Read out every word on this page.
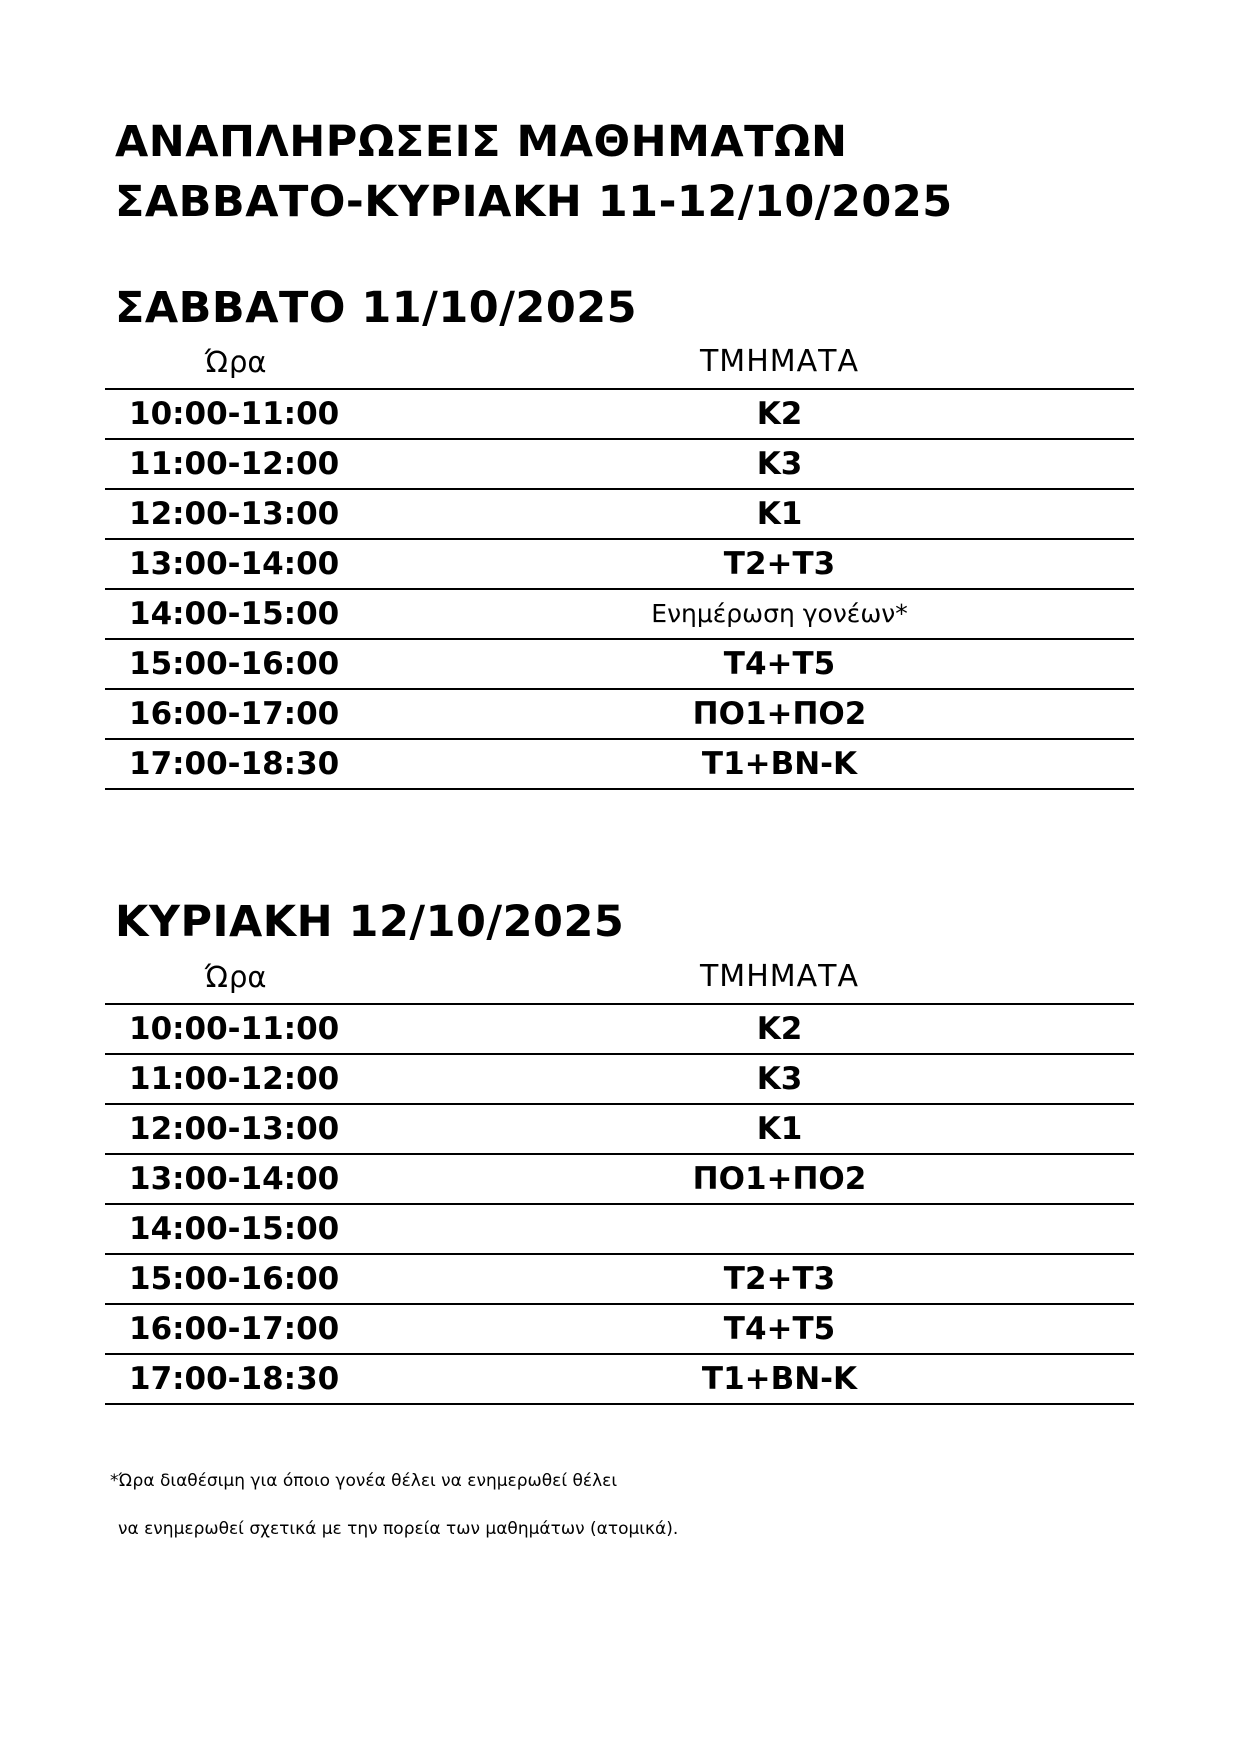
ΑΝΑΠΛΗΡΩΣΕΙΣ ΜΑΘΗΜΑΤΩΝ
ΣΑΒΒΑΤΟ-ΚΥΡΙΑΚΗ 11-12/10/2025
ΣΑΒΒΑΤΟ 11/10/2025
Ώρα	ΤΜΗΜΑΤΑ
10:00-11:00	Κ2
11:00-12:00	Κ3
12:00-13:00	Κ1
13:00-14:00	Τ2+Τ3
14:00-15:00	Ενημέρωση γονέων*
15:00-16:00	Τ4+Τ5
16:00-17:00	ΠΟ1+ΠΟ2
17:00-18:30	Τ1+ΒΝ-Κ
ΚΥΡΙΑΚΗ 12/10/2025
Ώρα	ΤΜΗΜΑΤΑ
10:00-11:00	Κ2
11:00-12:00	Κ3
12:00-13:00	Κ1
13:00-14:00	ΠΟ1+ΠΟ2
14:00-15:00
15:00-16:00	Τ2+Τ3
16:00-17:00	Τ4+Τ5
17:00-18:30	Τ1+ΒΝ-Κ

*Ώρα διαθέσιμη για όποιο γονέα θέλει να ενημερωθεί θέλει

να ενημερωθεί σχετικά με την πορεία των μαθημάτων (ατομικά).
